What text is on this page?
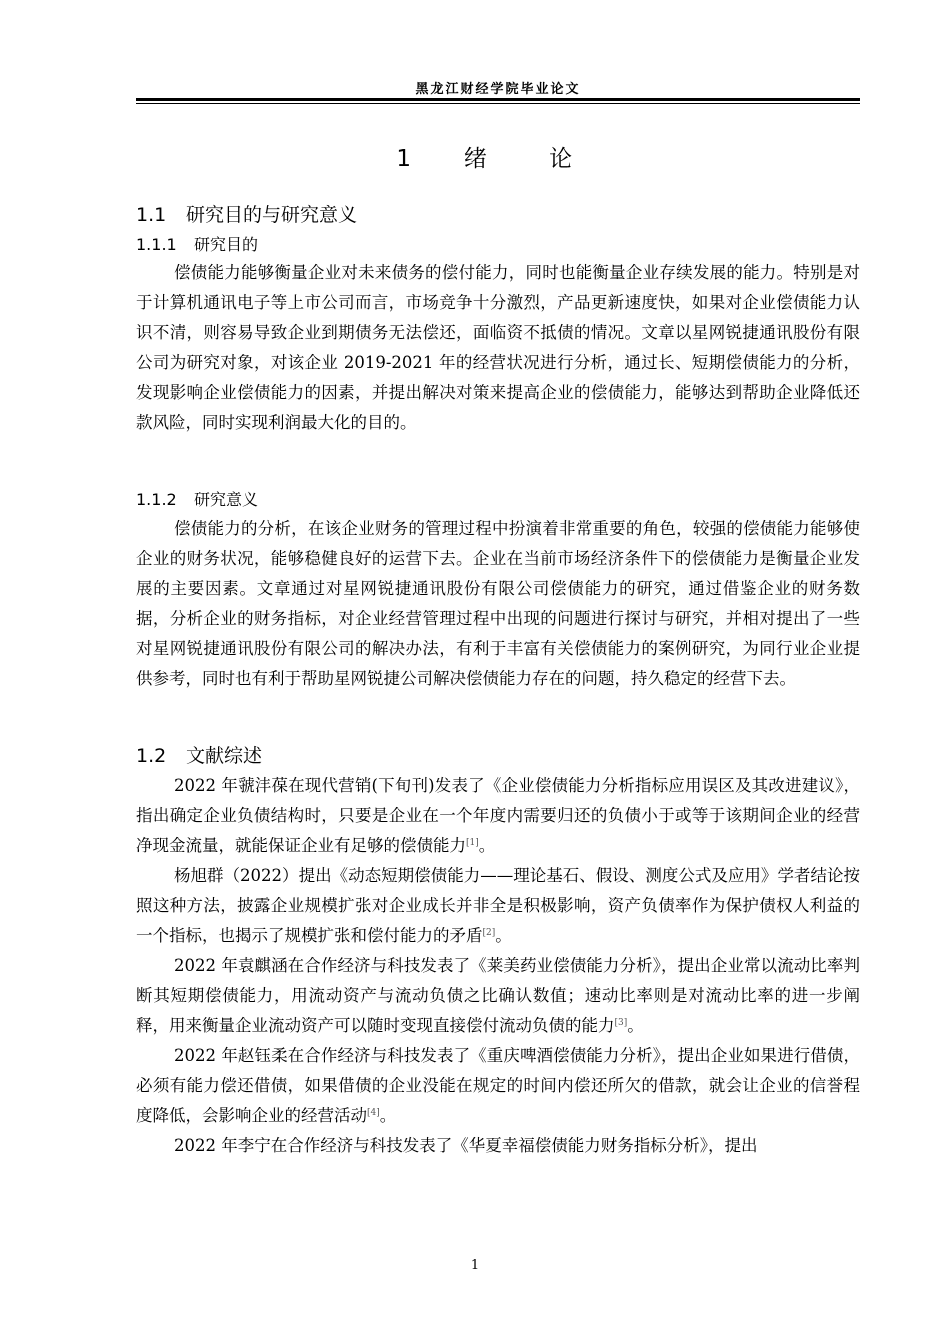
黑龙江财经学院毕业论文
1 绪	论
1.1 研究目的与研究意义
1.1.1 研究目的
偿债能力能够衡量企业对未来债务的偿付能力，同时也能衡量企业存续发展的能力。特别是对于计算机通讯电子等上市公司而言，市场竞争十分激烈，产品更新速度快，如果对企业偿债能力认识不清，则容易导致企业到期债务无法偿还，面临资不抵债的情况。文章以星网锐捷通讯股份有限公司为研究对象，对该企业 2019-2021 年的经营状况进行分析，通过长、短期偿债能力的分析，发现影响企业偿债能力的因素，并提出解决对策来提高企业的偿债能力，能够达到帮助企业降低还款风险，同时实现利润最大化的目的。
1.1.2 研究意义
偿债能力的分析，在该企业财务的管理过程中扮演着非常重要的角色，较强的偿债能力能够使企业的财务状况，能够稳健良好的运营下去。企业在当前市场经济条件下的偿债能力是衡量企业发展的主要因素。文章通过对星网锐捷通讯股份有限公司偿债能力的研究，通过借鉴企业的财务数据，分析企业的财务指标，对企业经营管理过程中出现的问题进行探讨与研究，并相对提出了一些对星网锐捷通讯股份有限公司的解决办法，有利于丰富有关偿债能力的案例研究，为同行业企业提供参考，同时也有利于帮助星网锐捷公司解决偿债能力存在的问题，持久稳定的经营下去。
1.2 文献综述

2022 年虢沣葆在现代营销(下旬刊)发表了《企业偿债能力分析指标应用误区及其改进建议》，指出确定企业负债结构时，只要是企业在一个年度内需要归还的负债小于或等于该期间企业的经营净现金流量，就能保证企业有足够的偿债能力[1]。

杨旭群（2022）提出《动态短期偿债能力——理论基石、假设、测度公式及应用》学者结论按照这种方法，披露企业规模扩张对企业成长并非全是积极影响，资产负债率作为保护债权人利益的一个指标，也揭示了规模扩张和偿付能力的矛盾[2]。

2022 年袁麒涵在合作经济与科技发表了《莱美药业偿债能力分析》，提出企业常以流动比率判断其短期偿债能力，用流动资产与流动负债之比确认数值；速动比率则是对流动比率的进一步阐释，用来衡量企业流动资产可以随时变现直接偿付流动负债的能力[3]。

2022 年赵钰柔在合作经济与科技发表了《重庆啤酒偿债能力分析》，提出企业如果进行借债，必须有能力偿还借债，如果借债的企业没能在规定的时间内偿还所欠的借款，就会让企业的信誉程度降低，会影响企业的经营活动[4]。

2022 年李宁在合作经济与科技发表了《华夏幸福偿债能力财务指标分析》，提出

1
